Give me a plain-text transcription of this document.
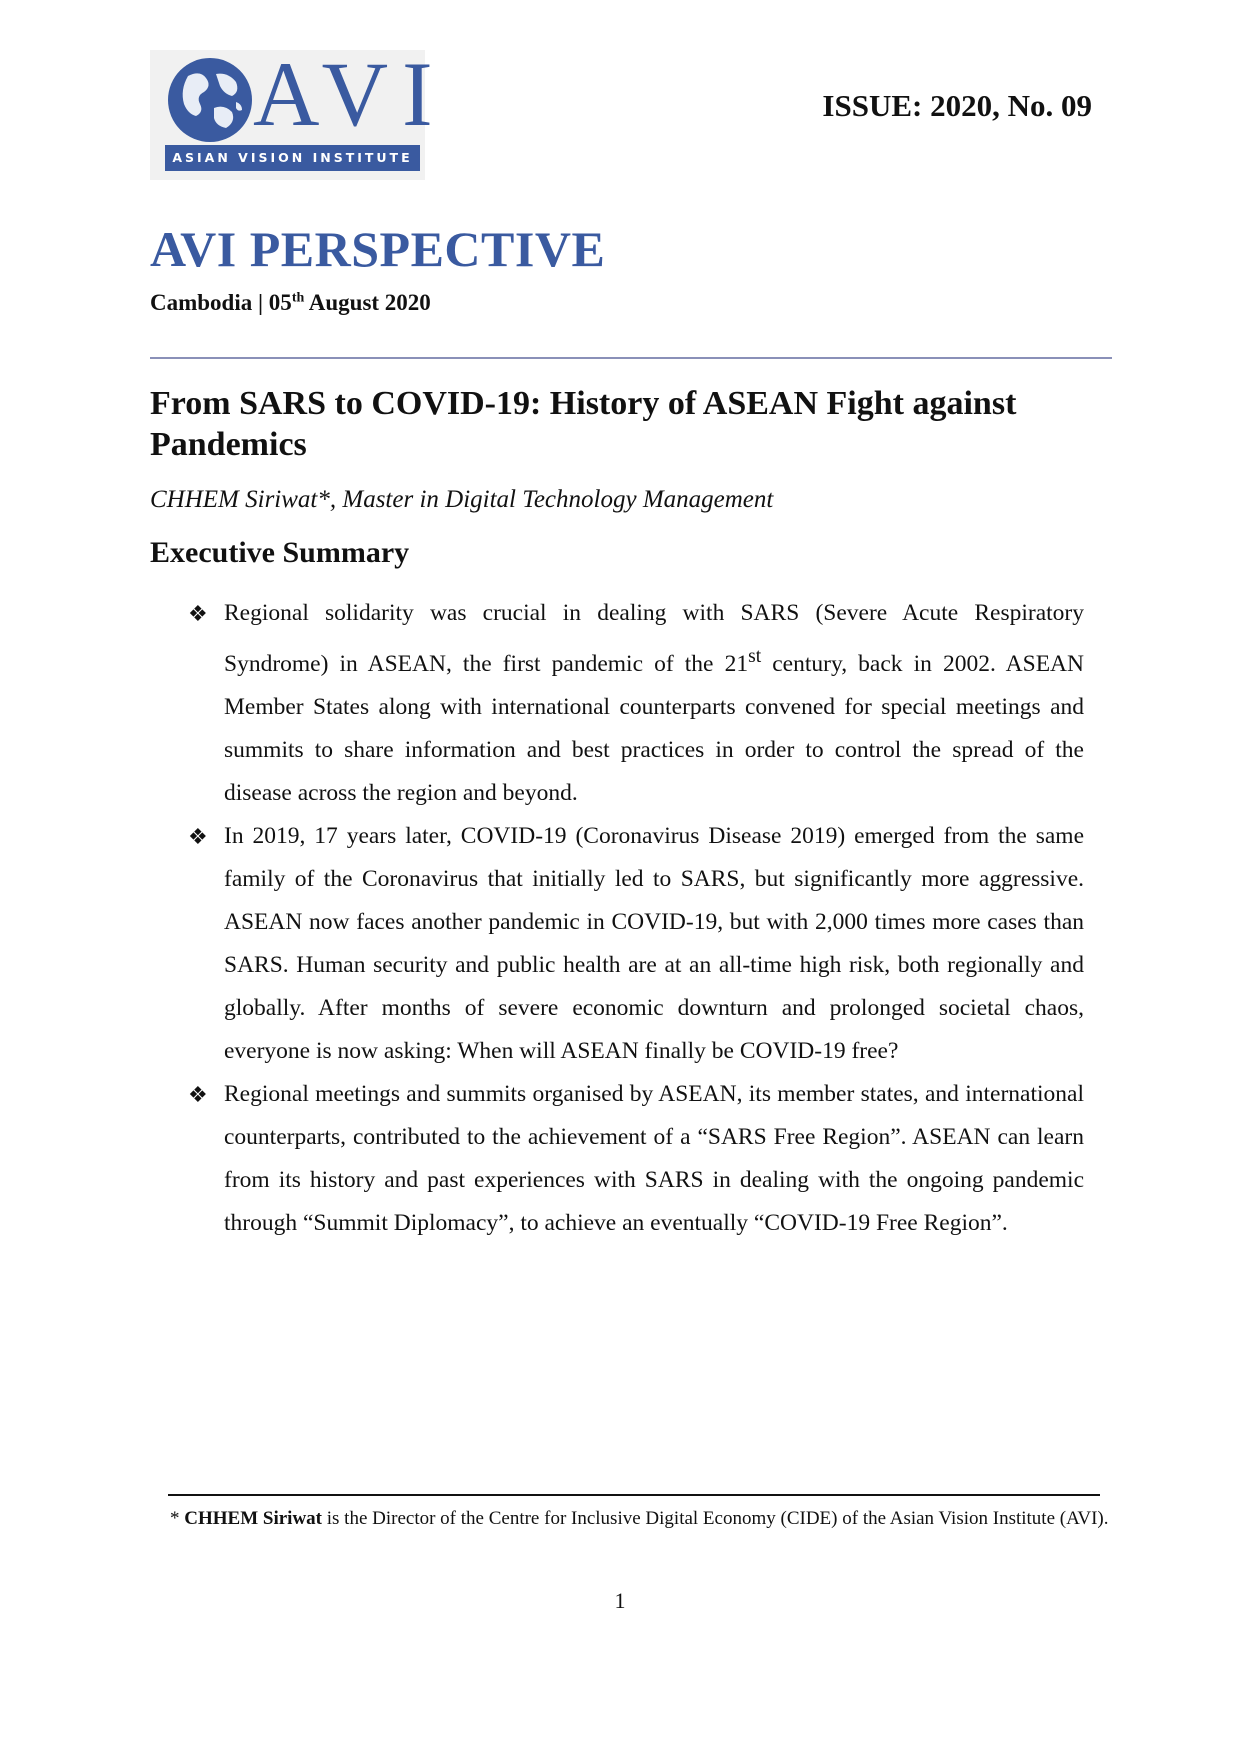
AVI
ASIAN VISION INSTITUTE
ISSUE: 2020, No. 09
AVI PERSPECTIVE
Cambodia | 05th August 2020
From SARS to COVID-19: History of ASEAN Fight against Pandemics
CHHEM Siriwat*, Master in Digital Technology Management
Executive Summary
❖ Regional solidarity was crucial in dealing with SARS (Severe Acute Respiratory Syndrome) in ASEAN, the first pandemic of the 21st century, back in 2002. ASEAN Member States along with international counterparts convened for special meetings and summits to share information and best practices in order to control the spread of the disease across the region and beyond.
❖ In 2019, 17 years later, COVID-19 (Coronavirus Disease 2019) emerged from the same family of the Coronavirus that initially led to SARS, but significantly more aggressive. ASEAN now faces another pandemic in COVID-19, but with 2,000 times more cases than SARS. Human security and public health are at an all-time high risk, both regionally and globally. After months of severe economic downturn and prolonged societal chaos, everyone is now asking: When will ASEAN finally be COVID-19 free?
❖ Regional meetings and summits organised by ASEAN, its member states, and international counterparts, contributed to the achievement of a “SARS Free Region”. ASEAN can learn from its history and past experiences with SARS in dealing with the ongoing pandemic through “Summit Diplomacy”, to achieve an eventually “COVID-19 Free Region”.
* CHHEM Siriwat is the Director of the Centre for Inclusive Digital Economy (CIDE) of the Asian Vision Institute (AVI).
1
